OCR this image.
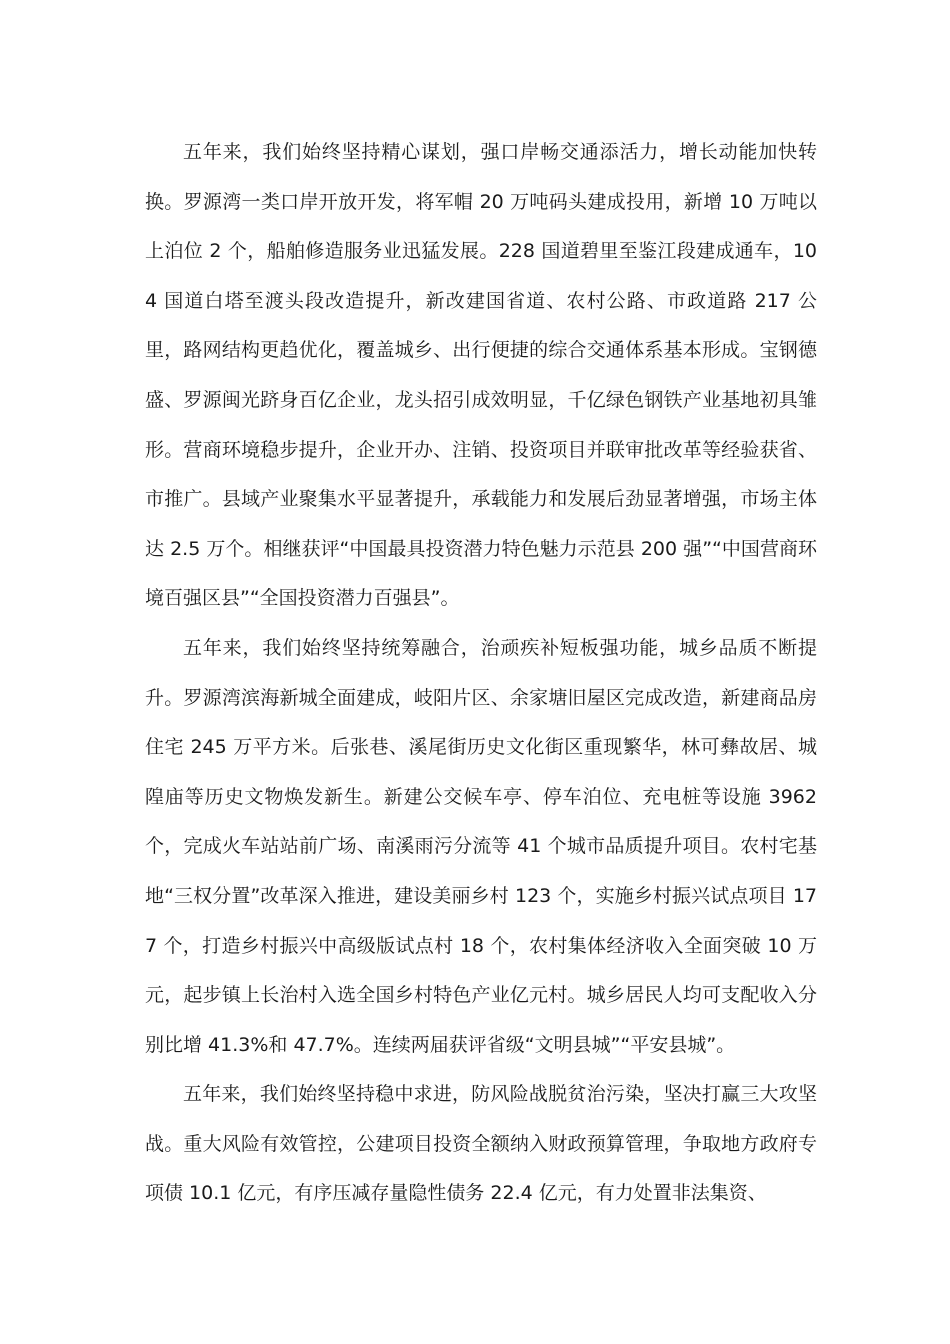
五年来，我们始终坚持精心谋划，强口岸畅交通添活力，增长动能加快转换。罗源湾一类口岸开放开发，将军帽 20 万吨码头建成投用，新增 10 万吨以上泊位 2 个，船舶修造服务业迅猛发展。228 国道碧里至鉴江段建成通车，104 国道白塔至渡头段改造提升，新改建国省道、农村公路、市政道路 217 公里，路网结构更趋优化，覆盖城乡、出行便捷的综合交通体系基本形成。宝钢德盛、罗源闽光跻身百亿企业，龙头招引成效明显，千亿绿色钢铁产业基地初具雏形。营商环境稳步提升，企业开办、注销、投资项目并联审批改革等经验获省、市推广。县域产业聚集水平显著提升，承载能力和发展后劲显著增强，市场主体达 2.5 万个。相继获评“中国最具投资潜力特色魅力示范县 200 强”“中国营商环境百强区县”“全国投资潜力百强县”。

五年来，我们始终坚持统筹融合，治顽疾补短板强功能，城乡品质不断提升。罗源湾滨海新城全面建成，岐阳片区、余家塘旧屋区完成改造，新建商品房住宅 245 万平方米。后张巷、溪尾街历史文化街区重现繁华，林可彝故居、城隍庙等历史文物焕发新生。新建公交候车亭、停车泊位、充电桩等设施 3962 个，完成火车站站前广场、南溪雨污分流等 41 个城市品质提升项目。农村宅基地“三权分置”改革深入推进，建设美丽乡村 123 个，实施乡村振兴试点项目 177 个，打造乡村振兴中高级版试点村 18 个，农村集体经济收入全面突破 10 万元，起步镇上长治村入选全国乡村特色产业亿元村。城乡居民人均可支配收入分别比增 41.3%和 47.7%。连续两届获评省级“文明县城”“平安县城”。

五年来，我们始终坚持稳中求进，防风险战脱贫治污染，坚决打赢三大攻坚战。重大风险有效管控，公建项目投资全额纳入财政预算管理，争取地方政府专项债 10.1 亿元，有序压减存量隐性债务 22.4 亿元，有力处置非法集资、
